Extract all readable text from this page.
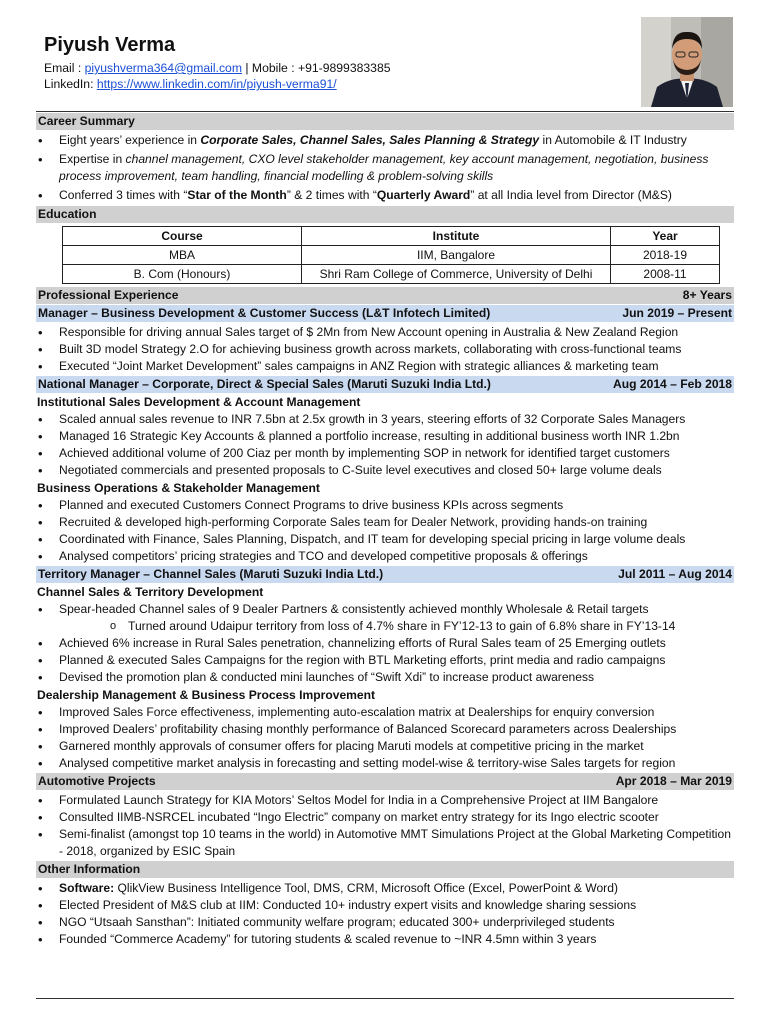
Piyush Verma
Email : piyushverma364@gmail.com | Mobile : +91-9899383385
LinkedIn: https://www.linkedin.com/in/piyush-verma91/
Career Summary
• Eight years’ experience in Corporate Sales, Channel Sales, Sales Planning & Strategy in Automobile & IT Industry
• Expertise in channel management, CXO level stakeholder management, key account management, negotiation, business process improvement, team handling, financial modelling & problem-solving skills
• Conferred 3 times with “Star of the Month” & 2 times with “Quarterly Award” at all India level from Director (M&S)
Education
Course	Institute	Year
MBA	IIM, Bangalore	2018-19
B. Com (Honours)	Shri Ram College of Commerce, University of Delhi	2008-11
Professional Experience	8+ Years
Manager – Business Development & Customer Success (L&T Infotech Limited)	Jun 2019 – Present
• Responsible for driving annual Sales target of $ 2Mn from New Account opening in Australia & New Zealand Region
• Built 3D model Strategy 2.O for achieving business growth across markets, collaborating with cross-functional teams
• Executed “Joint Market Development” sales campaigns in ANZ Region with strategic alliances & marketing team
National Manager – Corporate, Direct & Special Sales (Maruti Suzuki India Ltd.)	Aug 2014 – Feb 2018
Institutional Sales Development & Account Management
• Scaled annual sales revenue to INR 7.5bn at 2.5x growth in 3 years, steering efforts of 32 Corporate Sales Managers
• Managed 16 Strategic Key Accounts & planned a portfolio increase, resulting in additional business worth INR 1.2bn
• Achieved additional volume of 200 Ciaz per month by implementing SOP in network for identified target customers
• Negotiated commercials and presented proposals to C-Suite level executives and closed 50+ large volume deals
Business Operations & Stakeholder Management
• Planned and executed Customers Connect Programs to drive business KPIs across segments
• Recruited & developed high-performing Corporate Sales team for Dealer Network, providing hands-on training
• Coordinated with Finance, Sales Planning, Dispatch, and IT team for developing special pricing in large volume deals
• Analysed competitors’ pricing strategies and TCO and developed competitive proposals & offerings
Territory Manager – Channel Sales (Maruti Suzuki India Ltd.)	Jul 2011 – Aug 2014
Channel Sales & Territory Development
• Spear-headed Channel sales of 9 Dealer Partners & consistently achieved monthly Wholesale & Retail targets
o Turned around Udaipur territory from loss of 4.7% share in FY’12-13 to gain of 6.8% share in FY’13-14
• Achieved 6% increase in Rural Sales penetration, channelizing efforts of Rural Sales team of 25 Emerging outlets
• Planned & executed Sales Campaigns for the region with BTL Marketing efforts, print media and radio campaigns
• Devised the promotion plan & conducted mini launches of “Swift Xdi” to increase product awareness
Dealership Management & Business Process Improvement
• Improved Sales Force effectiveness, implementing auto-escalation matrix at Dealerships for enquiry conversion
• Improved Dealers’ profitability chasing monthly performance of Balanced Scorecard parameters across Dealerships
• Garnered monthly approvals of consumer offers for placing Maruti models at competitive pricing in the market
• Analysed competitive market analysis in forecasting and setting model-wise & territory-wise Sales targets for region
Automotive Projects	Apr 2018 – Mar 2019
• Formulated Launch Strategy for KIA Motors’ Seltos Model for India in a Comprehensive Project at IIM Bangalore
• Consulted IIMB-NSRCEL incubated “Ingo Electric” company on market entry strategy for its Ingo electric scooter
• Semi-finalist (amongst top 10 teams in the world) in Automotive MMT Simulations Project at the Global Marketing Competition - 2018, organized by ESIC Spain
Other Information
• Software: QlikView Business Intelligence Tool, DMS, CRM, Microsoft Office (Excel, PowerPoint & Word)
• Elected President of M&S club at IIM: Conducted 10+ industry expert visits and knowledge sharing sessions
• NGO “Utsaah Sansthan”: Initiated community welfare program; educated 300+ underprivileged students
• Founded “Commerce Academy” for tutoring students & scaled revenue to ~INR 4.5mn within 3 years
